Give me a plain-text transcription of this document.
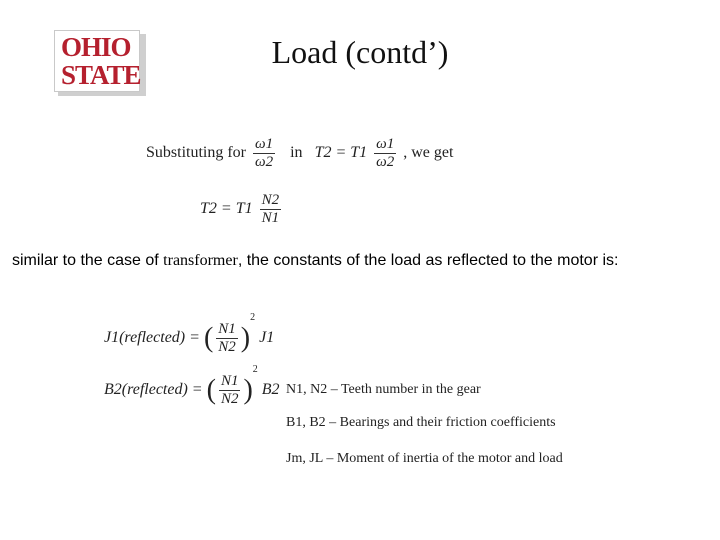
OHIO
STATE
Load (contd’)
Substituting for $\frac{\omega 1}{\omega 2}$ in $T2 = T1 \frac{\omega 1}{\omega 2}$ , we get
$T2 = T1 \frac{N2}{N1}$
similar to the case of transformer, the constants of the load as reflected to the motor is:
J1(reflected) = ( $\frac{N1}{N2} )^2$ J1
B2(reflected) = ( $\frac{N1}{N2} )^2$ B2 N1, N2 – Teeth number in the gear
B1, B2 – Bearings and their friction coefficients
Jm, JL – Moment of inertia of the motor and load
